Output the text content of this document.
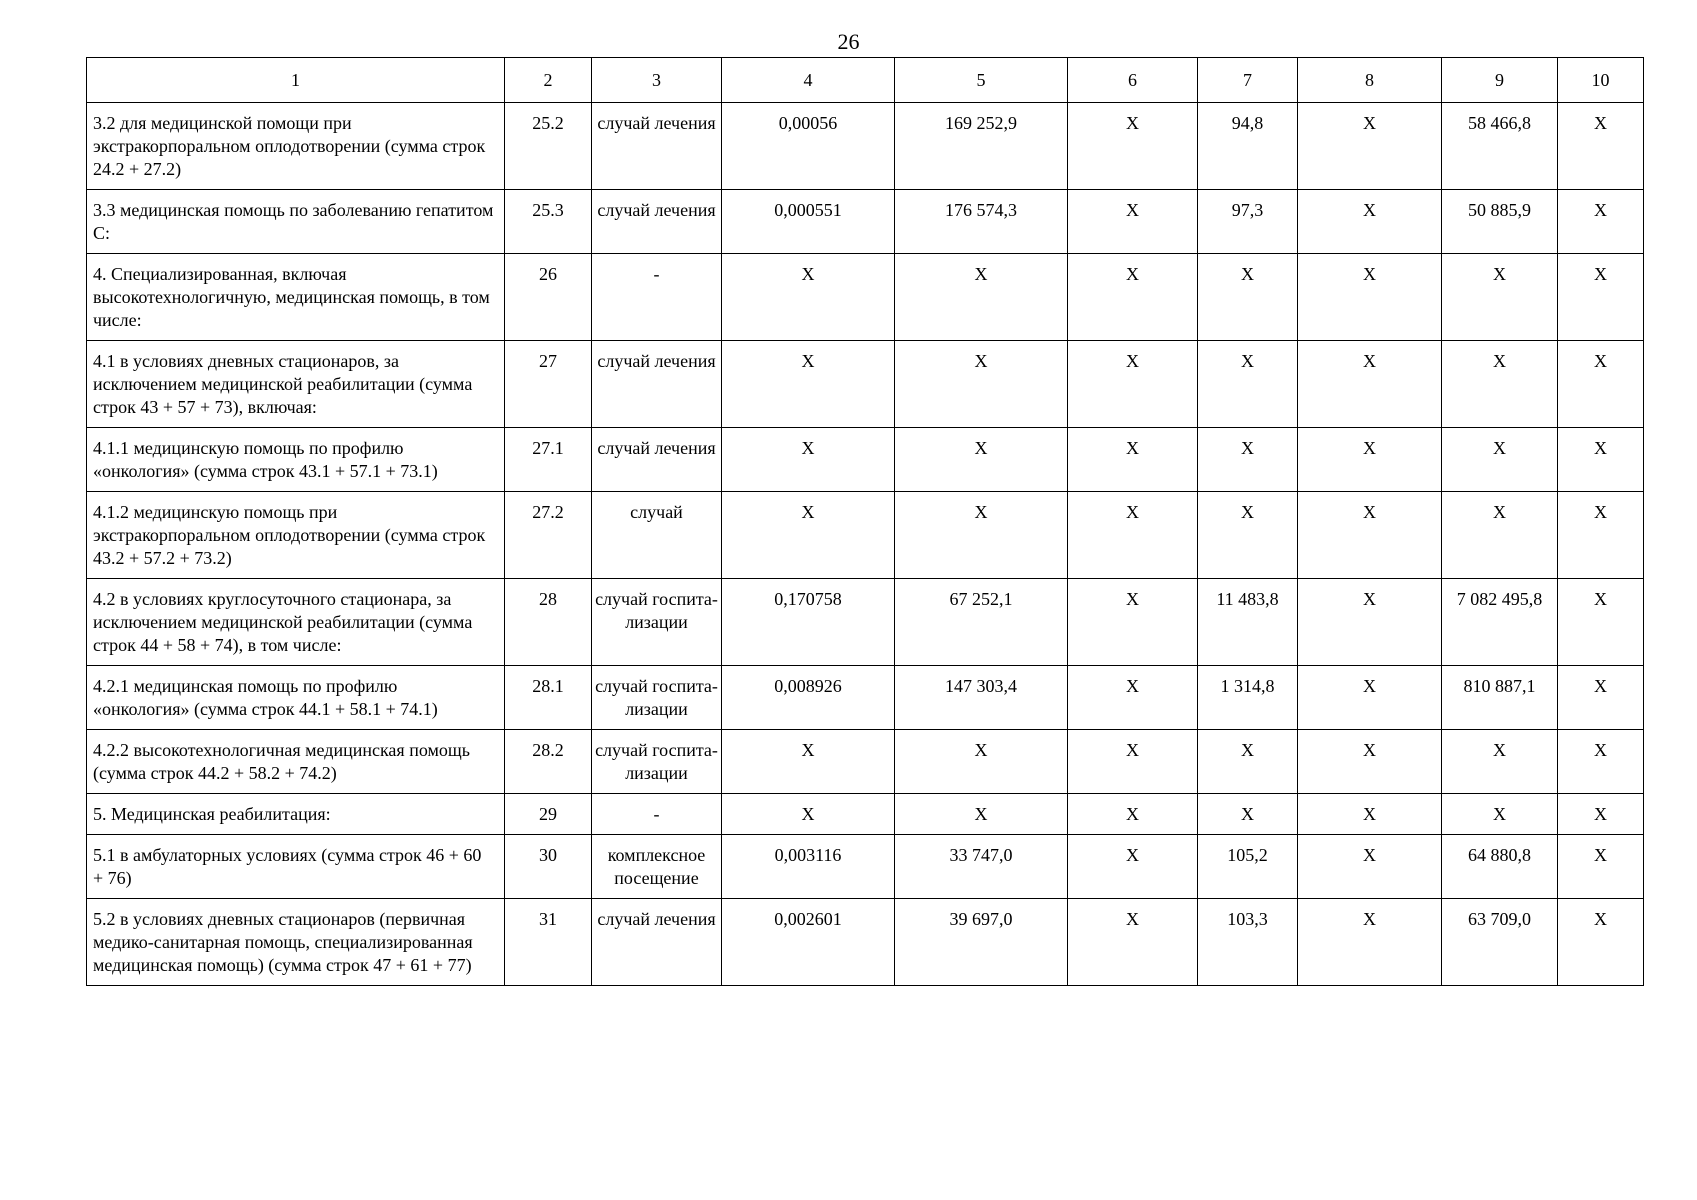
26
1	2	3	4	5	6	7	8	9	10
3.2 для медицинской помощи при экстракорпоральном оплодотворении (сумма строк 24.2 + 27.2)	25.2	случай лечения	0,00056	169 252,9	Х	94,8	Х	58 466,8	Х
3.3 медицинская помощь по заболеванию гепатитом С:	25.3	случай лечения	0,000551	176 574,3	Х	97,3	Х	50 885,9	Х
4. Специализированная, включая высокотехнологичную, медицинская помощь, в том числе:	26	-	Х	Х	Х	Х	Х	Х	Х
4.1 в условиях дневных стационаров, за исключением медицинской реабилитации (сумма строк 43 + 57 + 73), включая:	27	случай лечения	Х	Х	Х	Х	Х	Х	Х
4.1.1 медицинскую помощь по профилю «онкология» (сумма строк 43.1 + 57.1 + 73.1)	27.1	случай лечения	Х	Х	Х	Х	Х	Х	Х
4.1.2 медицинскую помощь при экстракорпоральном оплодотворении (сумма строк 43.2 + 57.2 + 73.2)	27.2	случай	Х	Х	Х	Х	Х	Х	Х
4.2 в условиях круглосуточного стационара, за исключением медицинской реабилитации (сумма строк 44 + 58 + 74), в том числе:	28	случай госпита-лизации	0,170758	67 252,1	Х	11 483,8	Х	7 082 495,8	Х
4.2.1 медицинская помощь по профилю «онкология» (сумма строк 44.1 + 58.1 + 74.1)	28.1	случай госпита-лизации	0,008926	147 303,4	Х	1 314,8	Х	810 887,1	Х
4.2.2 высокотехнологичная медицинская помощь (сумма строк 44.2 + 58.2 + 74.2)	28.2	случай госпита-лизации	Х	Х	Х	Х	Х	Х	Х
5. Медицинская реабилитация:	29	-	Х	Х	Х	Х	Х	Х	Х
5.1 в амбулаторных условиях (сумма строк 46 + 60 + 76)	30	комплексное посещение	0,003116	33 747,0	Х	105,2	Х	64 880,8	Х
5.2 в условиях дневных стационаров (первичная медико-санитарная помощь, специализированная медицинская помощь) (сумма строк 47 + 61 + 77)	31	случай лечения	0,002601	39 697,0	Х	103,3	Х	63 709,0	Х
